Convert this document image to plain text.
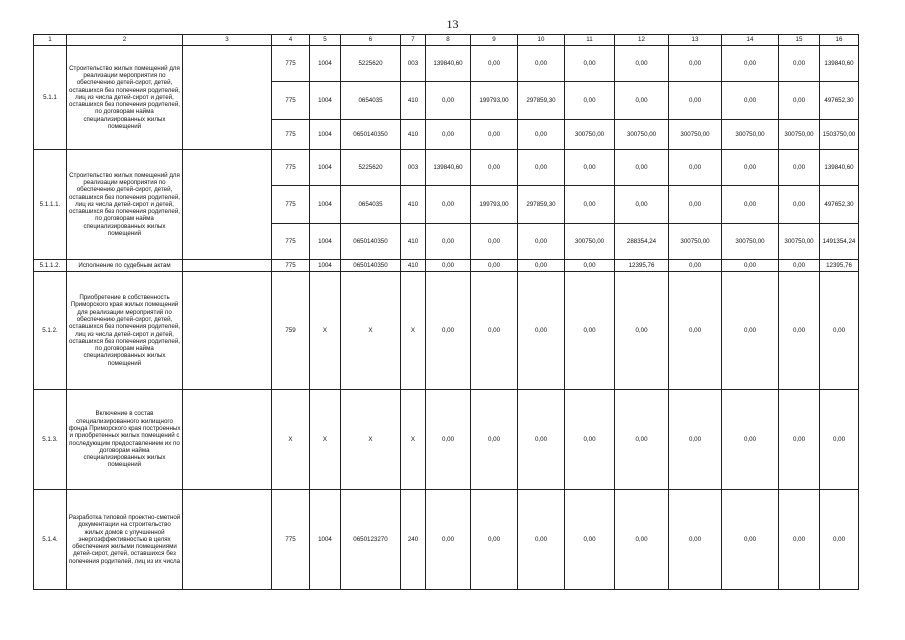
13
1	2	3	4	5	6	7	8	9	10	11	12	13	14	15	16
5.1.1	Строительство жилых помещений для реализации мероприятия по обеспечению детей-сирот, детей, оставшихся без попечения родителей, лиц из числа детей-сирот и детей, оставшихся без попечения родителей, по договорам найма специализированных жилых помещений		775	1004	5225620	003	139840,60	0,00	0,00	0,00	0,00	0,00	0,00	0,00	139840,60
			775	1004	0654035	410	0,00	199793,00	297859,30	0,00	0,00	0,00	0,00	0,00	497652,30
			775	1004	0650140350	410	0,00	0,00	0,00	300750,00	300750,00	300750,00	300750,00	300750,00	1503750,00
5.1.1.1.	Строительство жилых помещений для реализации мероприятия по обеспечению детей-сирот, детей, оставшихся без попечения родителей, лиц из числа детей-сирот и детей, оставшихся без попечения родителей, по договорам найма специализированных жилых помещений		775	1004	5225620	003	139840,60	0,00	0,00	0,00	0,00	0,00	0,00	0,00	139840,60
			775	1004	0654035	410	0,00	199793,00	297859,30	0,00	0,00	0,00	0,00	0,00	497652,30
			775	1004	0650140350	410	0,00	0,00	0,00	300750,00	288354,24	300750,00	300750,00	300750,00	1491354,24
5.1.1.2.	Исполнение по судебным актам		775	1004	0650140350	410	0,00	0,00	0,00	0,00	12395,76	0,00	0,00	0,00	12395,76
5.1.2.	Приобретение в собственность Приморского края жилых помещений для реализации мероприятий по обеспечению детей-сирот, детей, оставшихся без попечения родителей, лиц из числа детей-сирот и детей, оставшихся без попечения родителей, по договорам найма специализированных жилых помещений		759	X	X	X	0,00	0,00	0,00	0,00	0,00	0,00	0,00	0,00	0,00
5.1.3.	Включение в состав специализированного жилищного фонда Приморского края построенных и приобретенных жилых помещений с последующим предоставлением их по договорам найма специализированных жилых помещений		X	X	X	X	0,00	0,00	0,00	0,00	0,00	0,00	0,00	0,00	0,00
5.1.4.	Разработка типовой проектно-сметной документации на строительство жилых домов с улучшенной энергоэффективностью в целях обеспечения жилыми помещениями детей-сирот, детей, оставшихся без попечения родителей, лиц из их числа		775	1004	0650123270	240	0,00	0,00	0,00	0,00	0,00	0,00	0,00	0,00	0,00
